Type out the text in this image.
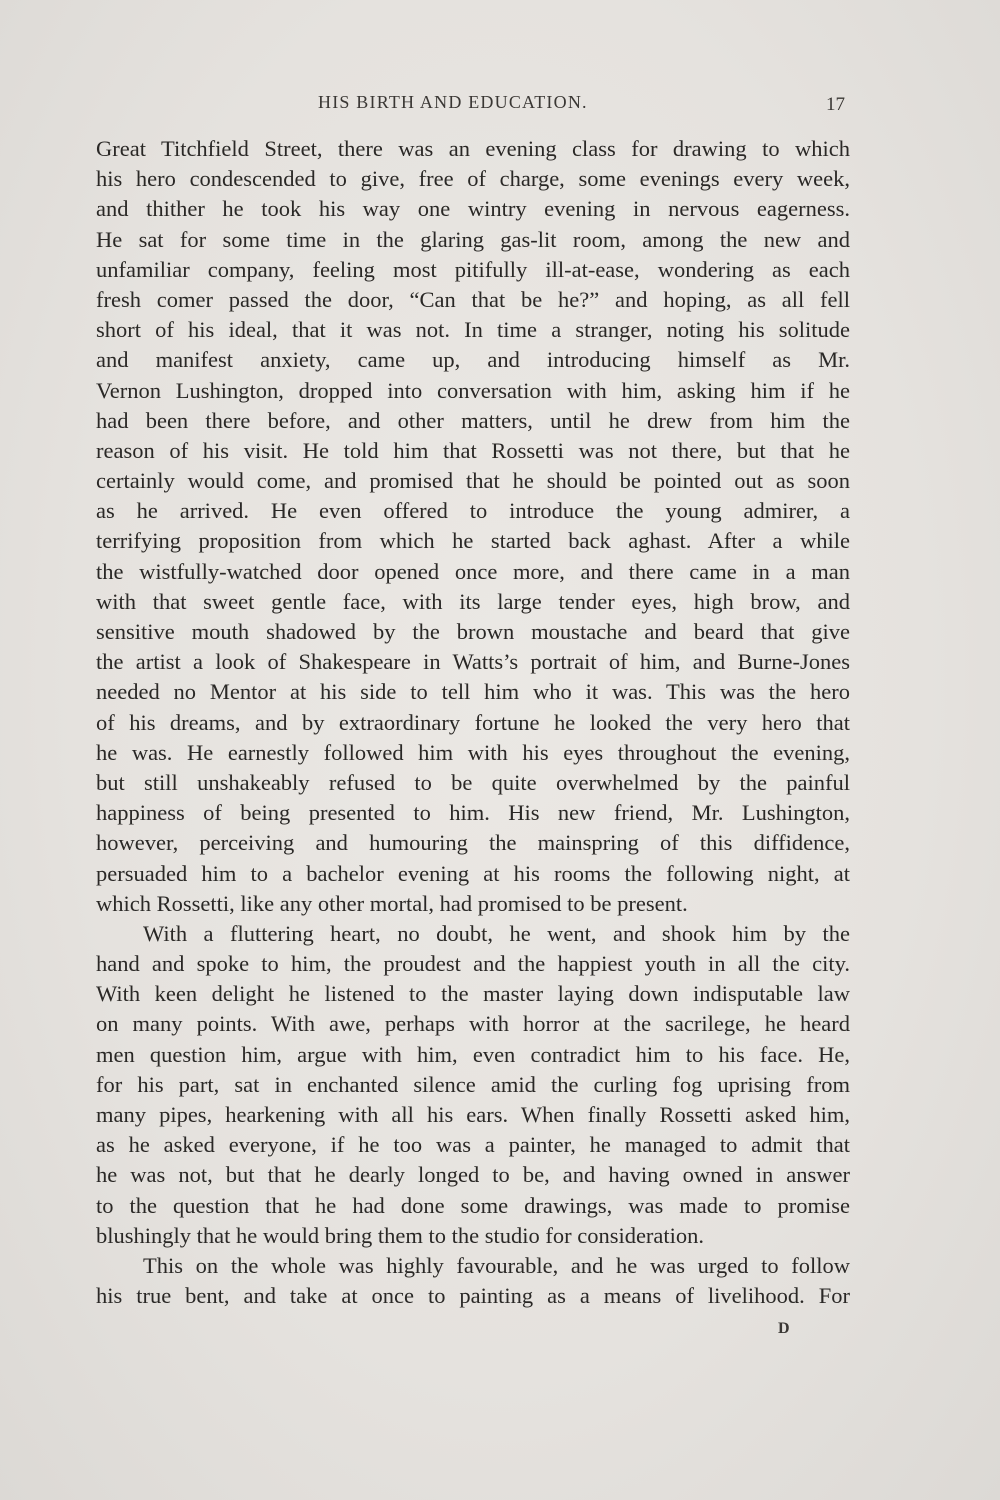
HIS BIRTH AND EDUCATION.	17
Great Titchfield Street, there was an evening class for drawing to which
his hero condescended to give, free of charge, some evenings every week,
and thither he took his way one wintry evening in nervous eagerness.
He sat for some time in the glaring gas-lit room, among the new and
unfamiliar company, feeling most pitifully ill-at-ease, wondering as each
fresh comer passed the door, “Can that be he?” and hoping, as all fell
short of his ideal, that it was not. In time a stranger, noting his solitude
and manifest anxiety, came up, and introducing himself as Mr.
Vernon Lushington, dropped into conversation with him, asking him if he
had been there before, and other matters, until he drew from him the
reason of his visit. He told him that Rossetti was not there, but that he
certainly would come, and promised that he should be pointed out as soon
as he arrived. He even offered to introduce the young admirer, a
terrifying proposition from which he started back aghast. After a while
the wistfully-watched door opened once more, and there came in a man
with that sweet gentle face, with its large tender eyes, high brow, and
sensitive mouth shadowed by the brown moustache and beard that give
the artist a look of Shakespeare in Watts’s portrait of him, and Burne-Jones
needed no Mentor at his side to tell him who it was. This was the hero
of his dreams, and by extraordinary fortune he looked the very hero that
he was. He earnestly followed him with his eyes throughout the evening,
but still unshakeably refused to be quite overwhelmed by the painful
happiness of being presented to him. His new friend, Mr. Lushington,
however, perceiving and humouring the mainspring of this diffidence,
persuaded him to a bachelor evening at his rooms the following night, at
which Rossetti, like any other mortal, had promised to be present.
With a fluttering heart, no doubt, he went, and shook him by the
hand and spoke to him, the proudest and the happiest youth in all the city.
With keen delight he listened to the master laying down indisputable law
on many points. With awe, perhaps with horror at the sacrilege, he heard
men question him, argue with him, even contradict him to his face. He,
for his part, sat in enchanted silence amid the curling fog uprising from
many pipes, hearkening with all his ears. When finally Rossetti asked him,
as he asked everyone, if he too was a painter, he managed to admit that
he was not, but that he dearly longed to be, and having owned in answer
to the question that he had done some drawings, was made to promise
blushingly that he would bring them to the studio for consideration.
This on the whole was highly favourable, and he was urged to follow
his true bent, and take at once to painting as a means of livelihood. For
D
